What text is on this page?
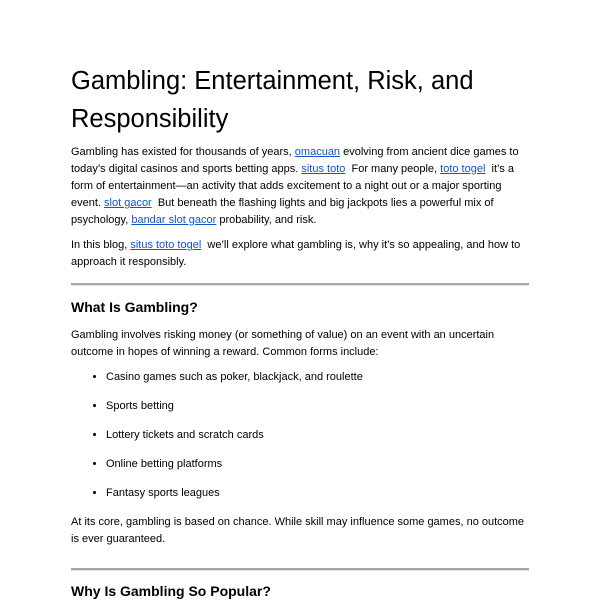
Gambling: Entertainment, Risk, and Responsibility

Gambling has existed for thousands of years, omacuan evolving from ancient dice games to today’s digital casinos and sports betting apps. situs toto  For many people, toto togel  it’s a form of entertainment—an activity that adds excitement to a night out or a major sporting event. slot gacor  But beneath the flashing lights and big jackpots lies a powerful mix of psychology, bandar slot gacor probability, and risk.

In this blog, situs toto togel  we’ll explore what gambling is, why it’s so appealing, and how to approach it responsibly.

What Is Gambling?

Gambling involves risking money (or something of value) on an event with an uncertain outcome in hopes of winning a reward. Common forms include:

• Casino games such as poker, blackjack, and roulette
• Sports betting
• Lottery tickets and scratch cards
• Online betting platforms
• Fantasy sports leagues

At its core, gambling is based on chance. While skill may influence some games, no outcome is ever guaranteed.

Why Is Gambling So Popular?
